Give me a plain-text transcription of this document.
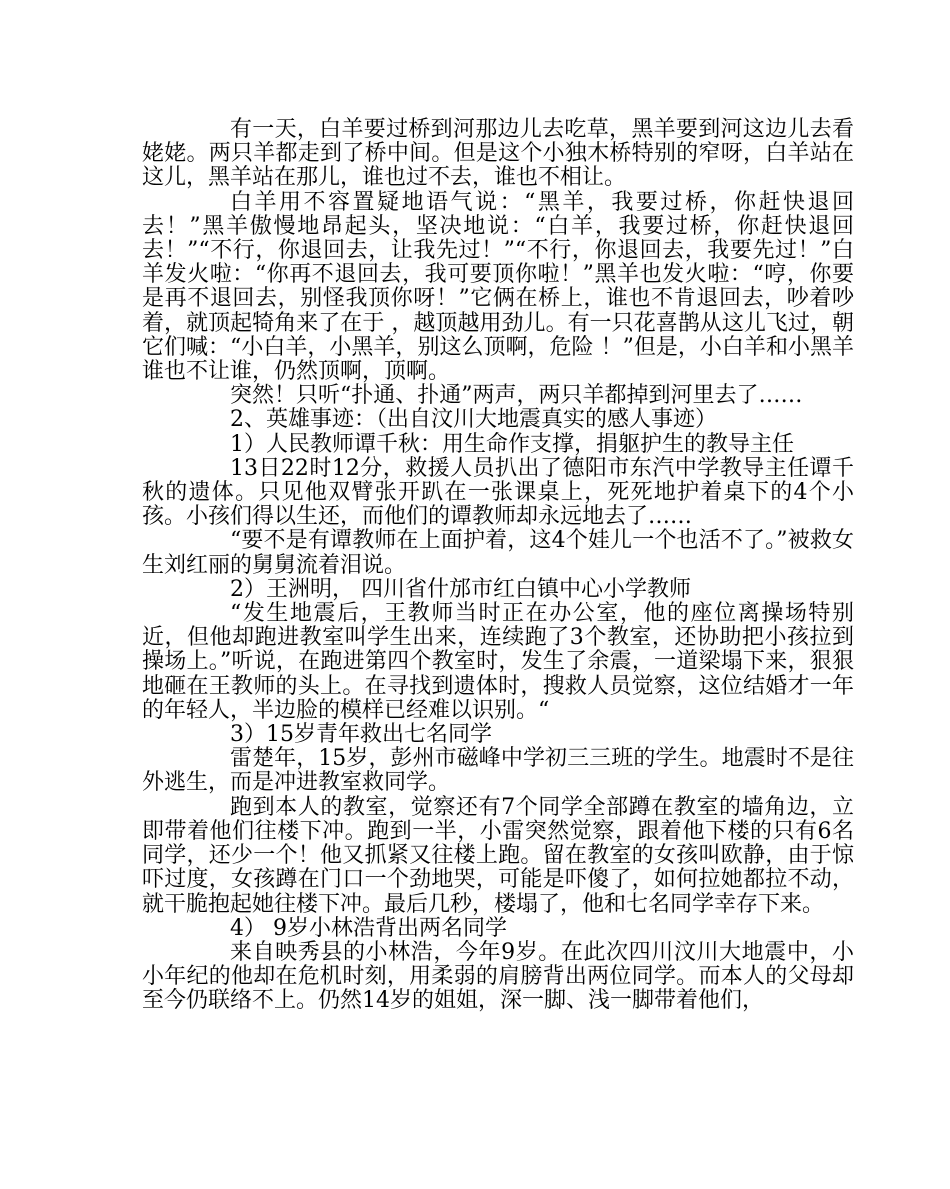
有一天，白羊要过桥到河那边儿去吃草，黑羊要到河这边儿去看姥姥。两只羊都走到了桥中间。但是这个小独木桥特别的窄呀，白羊站在这儿，黑羊站在那儿，谁也过不去，谁也不相让。

白羊用不容置疑地语气说：“黑羊，我要过桥，你赶快退回去！”黑羊傲慢地昂起头，坚决地说：“白羊，我要过桥，你赶快退回去！”“不行，你退回去，让我先过！”“不行，你退回去，我要先过！”白羊发火啦：“你再不退回去，我可要顶你啦！”黑羊也发火啦：“哼，你要是再不退回去，别怪我顶你呀！”它俩在桥上，谁也不肯退回去，吵着吵着，就顶起犄角来了在于 ，越顶越用劲儿。有一只花喜鹊从这儿飞过，朝它们喊：“小白羊，小黑羊，别这么顶啊，危险 ！”但是，小白羊和小黑羊谁也不让谁，仍然顶啊，顶啊。

突然！只听“扑通、扑通”两声，两只羊都掉到河里去了……

2、英雄事迹：（出自汶川大地震真实的感人事迹）

1）人民教师谭千秋：用生命作支撑，捐躯护生的教导主任

13日22时12分，救援人员扒出了德阳市东汽中学教导主任谭千秋的遗体。只见他双臂张开趴在一张课桌上，死死地护着桌下的4个小孩。小孩们得以生还，而他们的谭教师却永远地去了……

“要不是有谭教师在上面护着，这4个娃儿一个也活不了。”被救女生刘红丽的舅舅流着泪说。

2）王洲明， 四川省什邡市红白镇中心小学教师

“发生地震后，王教师当时正在办公室，他的座位离操场特别近，但他却跑进教室叫学生出来，连续跑了3个教室，还协助把小孩拉到操场上。”听说，在跑进第四个教室时，发生了余震，一道梁塌下来，狠狠地砸在王教师的头上。在寻找到遗体时，搜救人员觉察，这位结婚才一年的年轻人，半边脸的模样已经难以识别。“

3）15岁青年救出七名同学

雷楚年，15岁，彭州市磁峰中学初三三班的学生。地震时不是往外逃生，而是冲进教室救同学。

跑到本人的教室，觉察还有7个同学全部蹲在教室的墙角边，立即带着他们往楼下冲。跑到一半，小雷突然觉察，跟着他下楼的只有6名同学，还少一个！他又抓紧又往楼上跑。留在教室的女孩叫欧静，由于惊吓过度，女孩蹲在门口一个劲地哭，可能是吓傻了，如何拉她都拉不动，就干脆抱起她往楼下冲。最后几秒，楼塌了，他和七名同学幸存下来。

4） 9岁小林浩背出两名同学

来自映秀县的小林浩，今年9岁。在此次四川汶川大地震中，小小年纪的他却在危机时刻，用柔弱的肩膀背出两位同学。而本人的父母却至今仍联络不上。仍然14岁的姐姐，深一脚、浅一脚带着他们，
